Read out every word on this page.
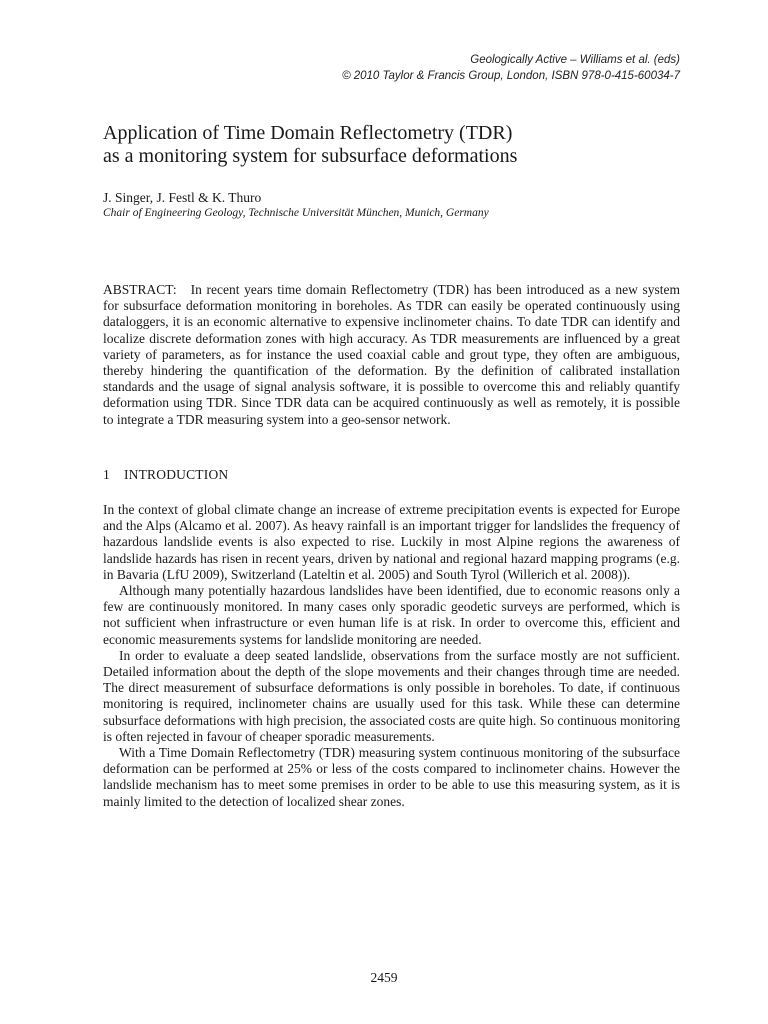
Geologically Active – Williams et al. (eds)
© 2010 Taylor & Francis Group, London, ISBN 978-0-415-60034-7
Application of Time Domain Reflectometry (TDR)
as a monitoring system for subsurface deformations
J. Singer, J. Festl & K. Thuro
Chair of Engineering Geology, Technische Universität München, Munich, Germany

ABSTRACT: In recent years time domain Reflectometry (TDR) has been introduced as a new system for subsurface deformation monitoring in boreholes. As TDR can easily be operated continuously using dataloggers, it is an economic alternative to expensive inclinometer chains. To date TDR can identify and localize discrete deformation zones with high accuracy. As TDR measurements are influenced by a great variety of parameters, as for instance the used coaxial cable and grout type, they often are ambiguous, thereby hindering the quantification of the deformation. By the definition of calibrated installation standards and the usage of signal analysis software, it is possible to overcome this and reliably quantify deformation using TDR. Since TDR data can be acquired continuously as well as remotely, it is possible to integrate a TDR measuring system into a geo-sensor network.

1 INTRODUCTION

In the context of global climate change an increase of extreme precipitation events is expected for Europe and the Alps (Alcamo et al. 2007). As heavy rainfall is an important trigger for landslides the frequency of hazardous landslide events is also expected to rise. Luckily in most Alpine regions the awareness of landslide hazards has risen in recent years, driven by national and regional hazard mapping programs (e.g. in Bavaria (LfU 2009), Switzerland (Lateltin et al. 2005) and South Tyrol (Willerich et al. 2008)).

Although many potentially hazardous landslides have been identified, due to economic reasons only a few are continuously monitored. In many cases only sporadic geodetic surveys are performed, which is not sufficient when infrastructure or even human life is at risk. In order to overcome this, efficient and economic measurements systems for landslide monitoring are needed.

In order to evaluate a deep seated landslide, observations from the surface mostly are not sufficient. Detailed information about the depth of the slope movements and their changes through time are needed. The direct measurement of subsurface deformations is only possible in boreholes. To date, if continuous monitoring is required, inclinometer chains are usually used for this task. While these can determine subsurface deformations with high precision, the associated costs are quite high. So continuous monitoring is often rejected in favour of cheaper sporadic measurements.

With a Time Domain Reflectometry (TDR) measuring system continuous monitoring of the subsurface deformation can be performed at 25% or less of the costs compared to inclinometer chains. However the landslide mechanism has to meet some premises in order to be able to use this measuring system, as it is mainly limited to the detection of localized shear zones.

2459
